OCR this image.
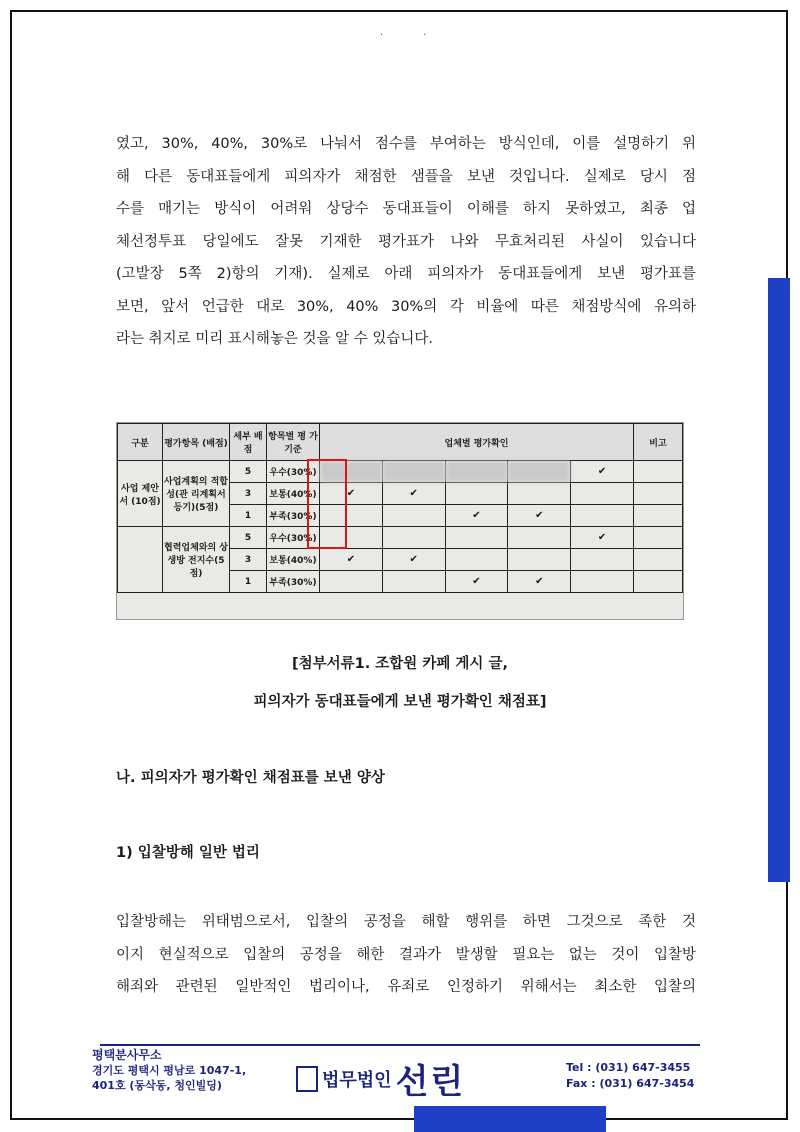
··
였고, 30%, 40%, 30%로 나눠서 점수를 부여하는 방식인데, 이를 설명하기 위
해 다른 동대표들에게 피의자가 채점한 샘플을 보낸 것입니다. 실제로 당시 점
수를 매기는 방식이 어려워 상당수 동대표들이 이해를 하지 못하였고, 최종 업
체선정투표 당일에도 잘못 기재한 평가표가 나와 무효처리된 사실이 있습니다
(고발장 5쪽 2)항의 기재). 실제로 아래 피의자가 동대표들에게 보낸 평가표를
보면, 앞서 언급한 대로 30%, 40% 30%의 각 비율에 따른 채점방식에 유의하
라는 취지로 미리 표시해놓은 것을 알 수 있습니다.
구분	평가항목 (배점)	세부 배점	항목별 평 가기준	업체별 평가확인					비고
사업 제안서 (10점)	사업계획의 적합성(관 리계획서 등기)(5점)	5	우수(30%)					✔	
		3	보통(40%)	✔	✔				
		1	부족(30%)			✔	✔		
	협력업체와의 상생방 전지수(5점)	5	우수(30%)					✔	
		3	보통(40%)	✔	✔				
		1	부족(30%)			✔	✔		
[첨부서류1. 조합원 카페 게시 글,
피의자가 동대표들에게 보낸 평가확인 채점표]
나. 피의자가 평가확인 채점표를 보낸 양상
1) 입찰방해 일반 법리
입찰방해는 위태범으로서, 입찰의 공정을 해할 행위를 하면 그것으로 족한 것
이지 현실적으로 입찰의 공정을 해한 결과가 발생할 필요는 없는 것이 입찰방
해죄와 관련된 일반적인 법리이나, 유죄로 인정하기 위해서는 최소한 입찰의
평택분사무소
경기도 평택시 평남로 1047-1,
401호 (동삭동, 청인빌딩)	법무법인 선린	Tel : (031) 647-3455
Fax : (031) 647-3454
